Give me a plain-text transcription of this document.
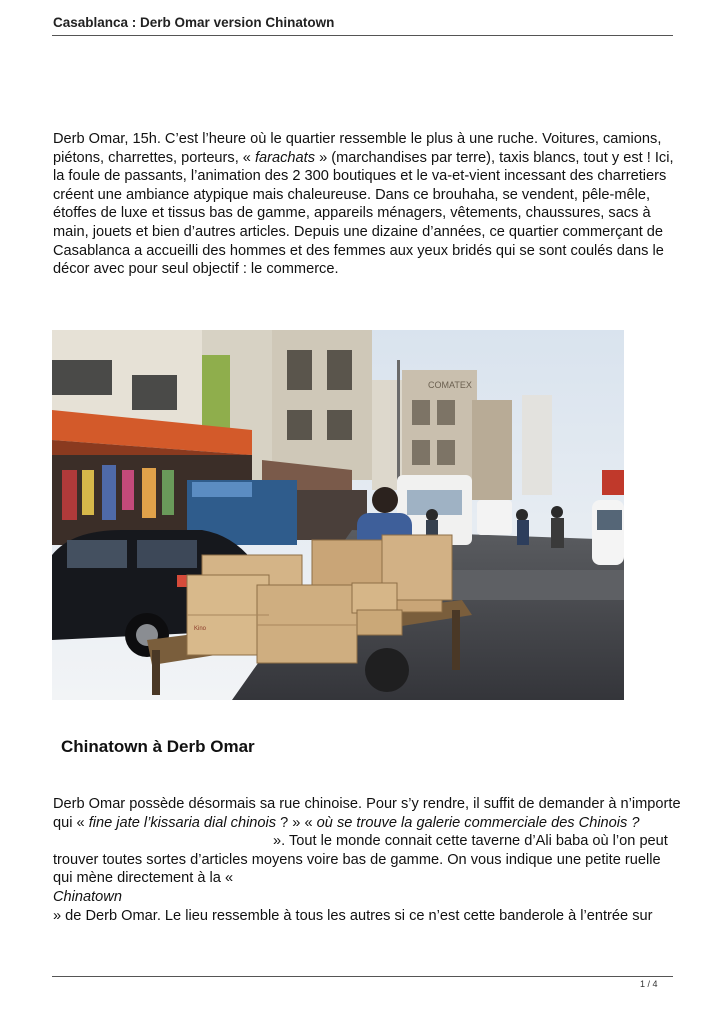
Casablanca : Derb Omar version Chinatown

Derb Omar, 15h. C’est l’heure où le quartier ressemble le plus à une ruche. Voitures, camions, piétons, charrettes, porteurs, « farachats » (marchandises par terre), taxis blancs, tout y est ! Ici, la foule de passants, l’animation des 2 300 boutiques et le va-et-vient incessant des charretiers créent une ambiance atypique mais chaleureuse. Dans ce brouhaha, se vendent, pêle-mêle, étoffes de luxe et tissus bas de gamme, appareils ménagers, vêtements, chaussures, sacs à main, jouets et bien d’autres articles. Depuis une dizaine d’années, ce quartier commerçant de Casablanca a accueilli des hommes et des femmes aux yeux bridés qui se sont coulés dans le décor avec pour seul objectif : le commerce.

COMATEX
Kino
Chinatown à Derb Omar

Derb Omar possède désormais sa rue chinoise. Pour s’y rendre, il suffit de demander à n’importe qui « fine jate l’kissaria dial chinois ? » « où se trouve la galerie commerciale des Chinois ?». Tout le monde connait cette taverne d’Ali baba où l’on peut trouver toutes sortes d’articles moyens voire bas de gamme. On vous indique une petite ruelle qui mène directement à la «
Chinatown
» de Derb Omar. Le lieu ressemble à tous les autres si ce n’est cette banderole à l’entrée sur

1 / 4
